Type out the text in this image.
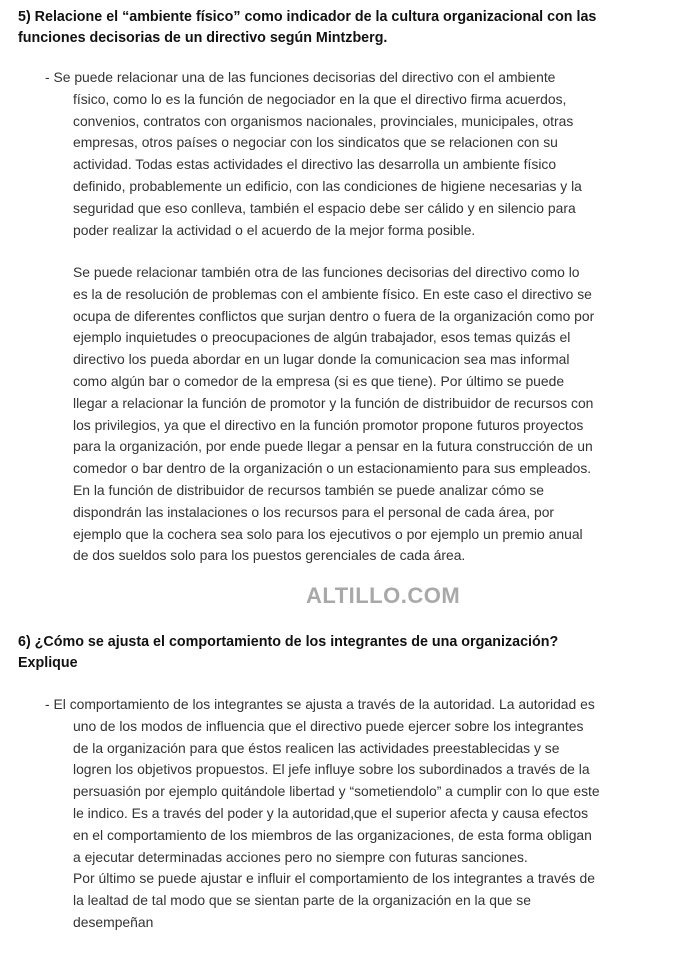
5) Relacione el “ambiente físico” como indicador de la cultura organizacional con las
funciones decisorias de un directivo según Mintzberg.
- Se puede relacionar una de las funciones decisorias del directivo con el ambiente
físico, como lo es la función de negociador en la que el directivo firma acuerdos,
convenios, contratos con organismos nacionales, provinciales, municipales, otras
empresas, otros países o negociar con los sindicatos que se relacionen con su
actividad. Todas estas actividades el directivo las desarrolla un ambiente físico
definido, probablemente un edificio, con las condiciones de higiene necesarias y la
seguridad que eso conlleva, también el espacio debe ser cálido y en silencio para
poder realizar la actividad o el acuerdo de la mejor forma posible.
Se puede relacionar también otra de las funciones decisorias del directivo como lo
es la de resolución de problemas con el ambiente físico. En este caso el directivo se
ocupa de diferentes conflictos que surjan dentro o fuera de la organización como por
ejemplo inquietudes o preocupaciones de algún trabajador, esos temas quizás el
directivo los pueda abordar en un lugar donde la comunicacion sea mas informal
como algún bar o comedor de la empresa (si es que tiene). Por último se puede
llegar a relacionar la función de promotor y la función de distribuidor de recursos con
los privilegios, ya que el directivo en la función promotor propone futuros proyectos
para la organización, por ende puede llegar a pensar en la futura construcción de un
comedor o bar dentro de la organización o un estacionamiento para sus empleados.
En la función de distribuidor de recursos también se puede analizar cómo se
dispondrán las instalaciones o los recursos para el personal de cada área, por
ejemplo que la cochera sea solo para los ejecutivos o por ejemplo un premio anual
de dos sueldos solo para los puestos gerenciales de cada área.
ALTILLO.COM
6) ¿Cómo se ajusta el comportamiento de los integrantes de una organización?
Explique
- El comportamiento de los integrantes se ajusta a través de la autoridad. La autoridad es
uno de los modos de influencia que el directivo puede ejercer sobre los integrantes
de la organización para que éstos realicen las actividades preestablecidas y se
logren los objetivos propuestos. El jefe influye sobre los subordinados a través de la
persuasión por ejemplo quitándole libertad y “sometiendolo” a cumplir con lo que este
le indico. Es a través del poder y la autoridad,que el superior afecta y causa efectos
en el comportamiento de los miembros de las organizaciones, de esta forma obligan
a ejecutar determinadas acciones pero no siempre con futuras sanciones.
Por último se puede ajustar e influir el comportamiento de los integrantes a través de
la lealtad de tal modo que se sientan parte de la organización en la que se
desempeñan
